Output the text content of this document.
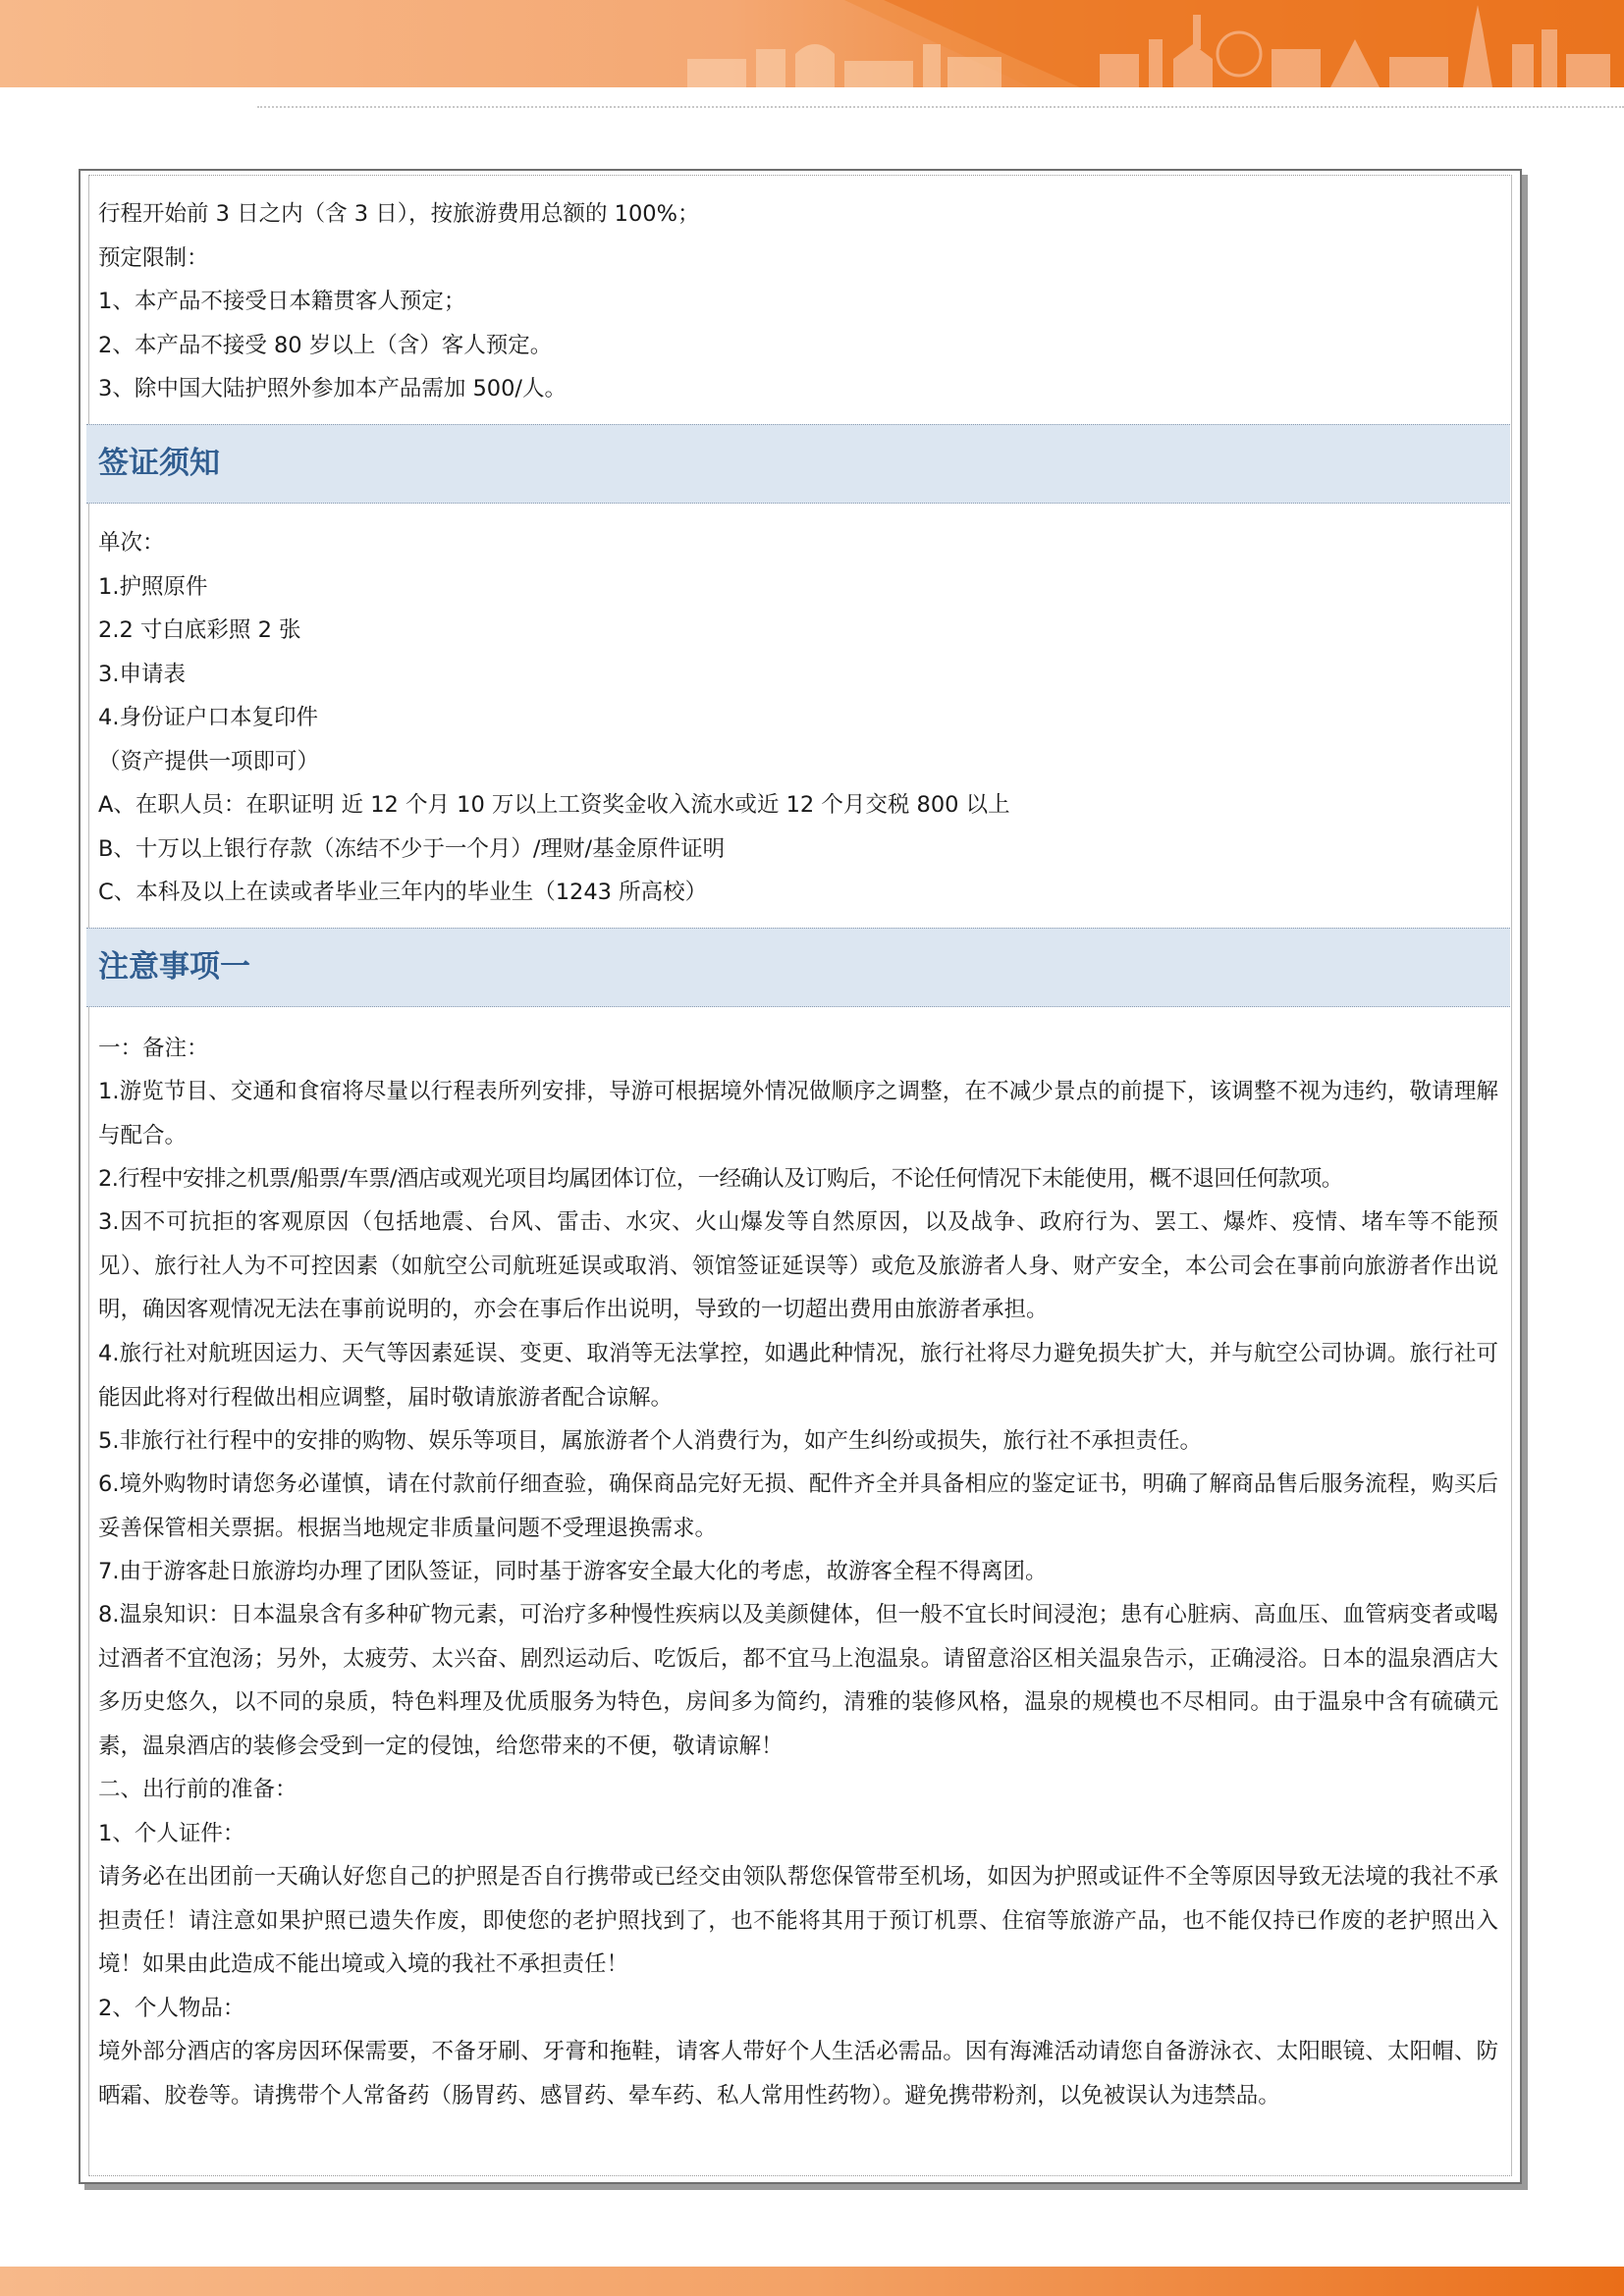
行程开始前 3 日之内（含 3 日），按旅游费用总额的 100%；
预定限制：
1、本产品不接受日本籍贯客人预定；
2、本产品不接受 80 岁以上（含）客人预定。
3、除中国大陆护照外参加本产品需加 500/人。
签证须知
单次：
1.护照原件
2.2 寸白底彩照 2 张
3.申请表
4.身份证户口本复印件
（资产提供一项即可）
A、在职人员：在职证明 近 12 个月 10 万以上工资奖金收入流水或近 12 个月交税 800 以上
B、十万以上银行存款（冻结不少于一个月）/理财/基金原件证明
C、本科及以上在读或者毕业三年内的毕业生（1243 所高校）
注意事项一
一：备注：
1.游览节目、交通和食宿将尽量以行程表所列安排，导游可根据境外情况做顺序之调整，在不减少景点的前提下，该调整不视为违约，敬请理解与配合。
2.行程中安排之机票/船票/车票/酒店或观光项目均属团体订位，一经确认及订购后，不论任何情况下未能使用，概不退回任何款项。
3.因不可抗拒的客观原因（包括地震、台风、雷击、水灾、火山爆发等自然原因，以及战争、政府行为、罢工、爆炸、疫情、堵车等不能预见）、旅行社人为不可控因素（如航空公司航班延误或取消、领馆签证延误等）或危及旅游者人身、财产安全，本公司会在事前向旅游者作出说明，确因客观情况无法在事前说明的，亦会在事后作出说明，导致的一切超出费用由旅游者承担。
4.旅行社对航班因运力、天气等因素延误、变更、取消等无法掌控，如遇此种情况，旅行社将尽力避免损失扩大，并与航空公司协调。旅行社可能因此将对行程做出相应调整，届时敬请旅游者配合谅解。
5.非旅行社行程中的安排的购物、娱乐等项目，属旅游者个人消费行为，如产生纠纷或损失，旅行社不承担责任。
6.境外购物时请您务必谨慎，请在付款前仔细查验，确保商品完好无损、配件齐全并具备相应的鉴定证书，明确了解商品售后服务流程，购买后妥善保管相关票据。根据当地规定非质量问题不受理退换需求。
7.由于游客赴日旅游均办理了团队签证，同时基于游客安全最大化的考虑，故游客全程不得离团。
8.温泉知识：日本温泉含有多种矿物元素，可治疗多种慢性疾病以及美颜健体，但一般不宜长时间浸泡；患有心脏病、高血压、血管病变者或喝过酒者不宜泡汤；另外，太疲劳、太兴奋、剧烈运动后、吃饭后，都不宜马上泡温泉。请留意浴区相关温泉告示，正确浸浴。日本的温泉酒店大多历史悠久，以不同的泉质，特色料理及优质服务为特色，房间多为简约，清雅的装修风格，温泉的规模也不尽相同。由于温泉中含有硫磺元素，温泉酒店的装修会受到一定的侵蚀，给您带来的不便，敬请谅解！
二、出行前的准备：
1、个人证件：
请务必在出团前一天确认好您自己的护照是否自行携带或已经交由领队帮您保管带至机场，如因为护照或证件不全等原因导致无法境的我社不承担责任！请注意如果护照已遗失作废，即使您的老护照找到了，也不能将其用于预订机票、住宿等旅游产品，也不能仅持已作废的老护照出入境！如果由此造成不能出境或入境的我社不承担责任！
2、个人物品：
境外部分酒店的客房因环保需要，不备牙刷、牙膏和拖鞋，请客人带好个人生活必需品。因有海滩活动请您自备游泳衣、太阳眼镜、太阳帽、防晒霜、胶卷等。请携带个人常备药（肠胃药、感冒药、晕车药、私人常用性药物）。避免携带粉剂，以免被误认为违禁品。
